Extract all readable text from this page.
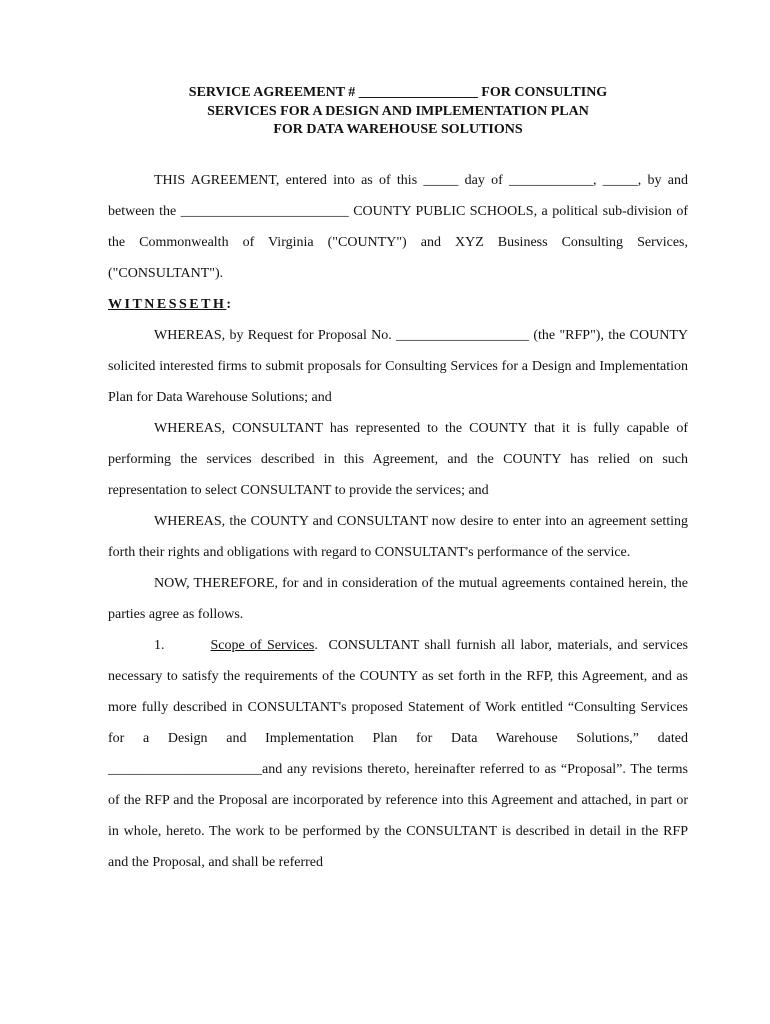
SERVICE AGREEMENT # _________________ FOR CONSULTING
SERVICES FOR A DESIGN AND IMPLEMENTATION PLAN
FOR DATA WAREHOUSE SOLUTIONS

THIS AGREEMENT, entered into as of this _____ day of ____________, _____, by and between the ________________________ COUNTY PUBLIC SCHOOLS, a political sub-division of the Commonwealth of Virginia ("COUNTY") and XYZ Business Consulting Services, ("CONSULTANT").

WITNESSETH:

WHEREAS, by Request for Proposal No. ___________________ (the "RFP"), the COUNTY solicited interested firms to submit proposals for Consulting Services for a Design and Implementation Plan for Data Warehouse Solutions; and

WHEREAS, CONSULTANT has represented to the COUNTY that it is fully capable of performing the services described in this Agreement, and the COUNTY has relied on such representation to select CONSULTANT to provide the services; and

WHEREAS, the COUNTY and CONSULTANT now desire to enter into an agreement setting forth their rights and obligations with regard to CONSULTANT's performance of the service.

NOW, THEREFORE, for and in consideration of the mutual agreements contained herein, the parties agree as follows.

1.	Scope of Services. CONSULTANT shall furnish all labor, materials, and services necessary to satisfy the requirements of the COUNTY as set forth in the RFP, this Agreement, and as more fully described in CONSULTANT's proposed Statement of Work entitled “Consulting Services for a Design and Implementation Plan for Data Warehouse Solutions,” dated ______________________and any revisions thereto, hereinafter referred to as “Proposal”. The terms of the RFP and the Proposal are incorporated by reference into this Agreement and attached, in part or in whole, hereto. The work to be performed by the CONSULTANT is described in detail in the RFP and the Proposal, and shall be referred
